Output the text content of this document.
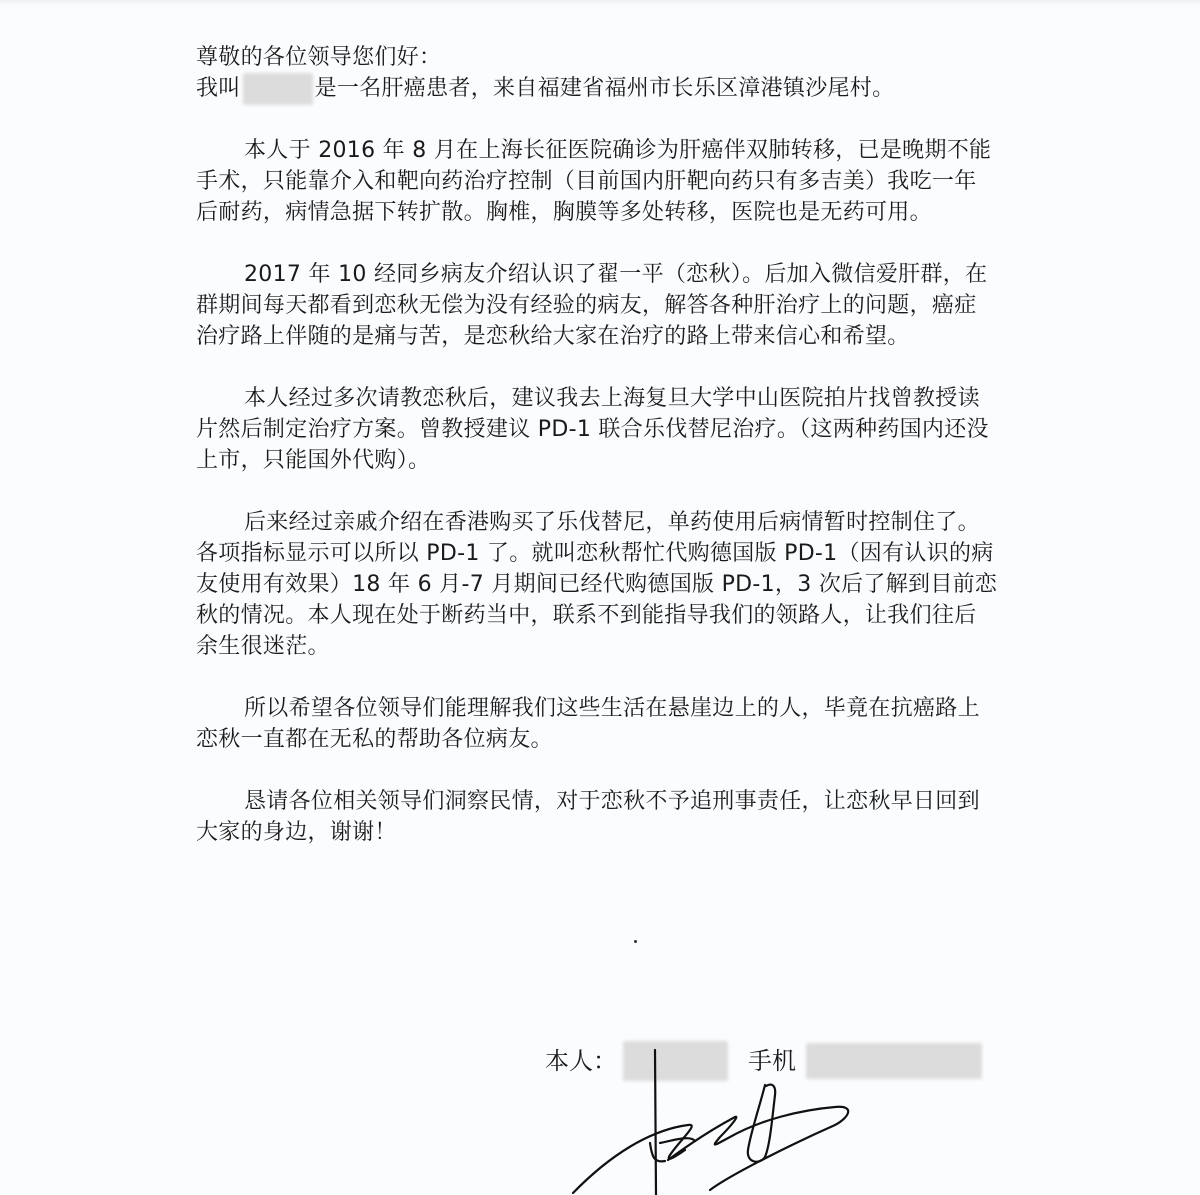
尊敬的各位领导您们好：
我叫	是一名肝癌患者，来自福建省福州市长乐区漳港镇沙尾村。
本人于 2016 年 8 月在上海长征医院确诊为肝癌伴双肺转移，已是晚期不能
手术，只能靠介入和靶向药治疗控制（目前国内肝靶向药只有多吉美）我吃一年
后耐药，病情急据下转扩散。胸椎，胸膜等多处转移，医院也是无药可用。
2017 年 10 经同乡病友介绍认识了翟一平（恋秋）。后加入微信爱肝群，在
群期间每天都看到恋秋无偿为没有经验的病友，解答各种肝治疗上的问题，癌症
治疗路上伴随的是痛与苦，是恋秋给大家在治疗的路上带来信心和希望。
本人经过多次请教恋秋后，建议我去上海复旦大学中山医院拍片找曾教授读
片然后制定治疗方案。曾教授建议 PD-1 联合乐伐替尼治疗。（这两种药国内还没
上市，只能国外代购）。
后来经过亲戚介绍在香港购买了乐伐替尼，单药使用后病情暂时控制住了。
各项指标显示可以所以 PD-1 了。就叫恋秋帮忙代购德国版 PD-1（因有认识的病
友使用有效果）18 年 6 月-7 月期间已经代购德国版 PD-1，3 次后了解到目前恋
秋的情况。本人现在处于断药当中，联系不到能指导我们的领路人，让我们往后
余生很迷茫。
所以希望各位领导们能理解我们这些生活在悬崖边上的人，毕竟在抗癌路上
恋秋一直都在无私的帮助各位病友。
恳请各位相关领导们洞察民情，对于恋秋不予追刑事责任，让恋秋早日回到
大家的身边，谢谢！
本人：	手机
